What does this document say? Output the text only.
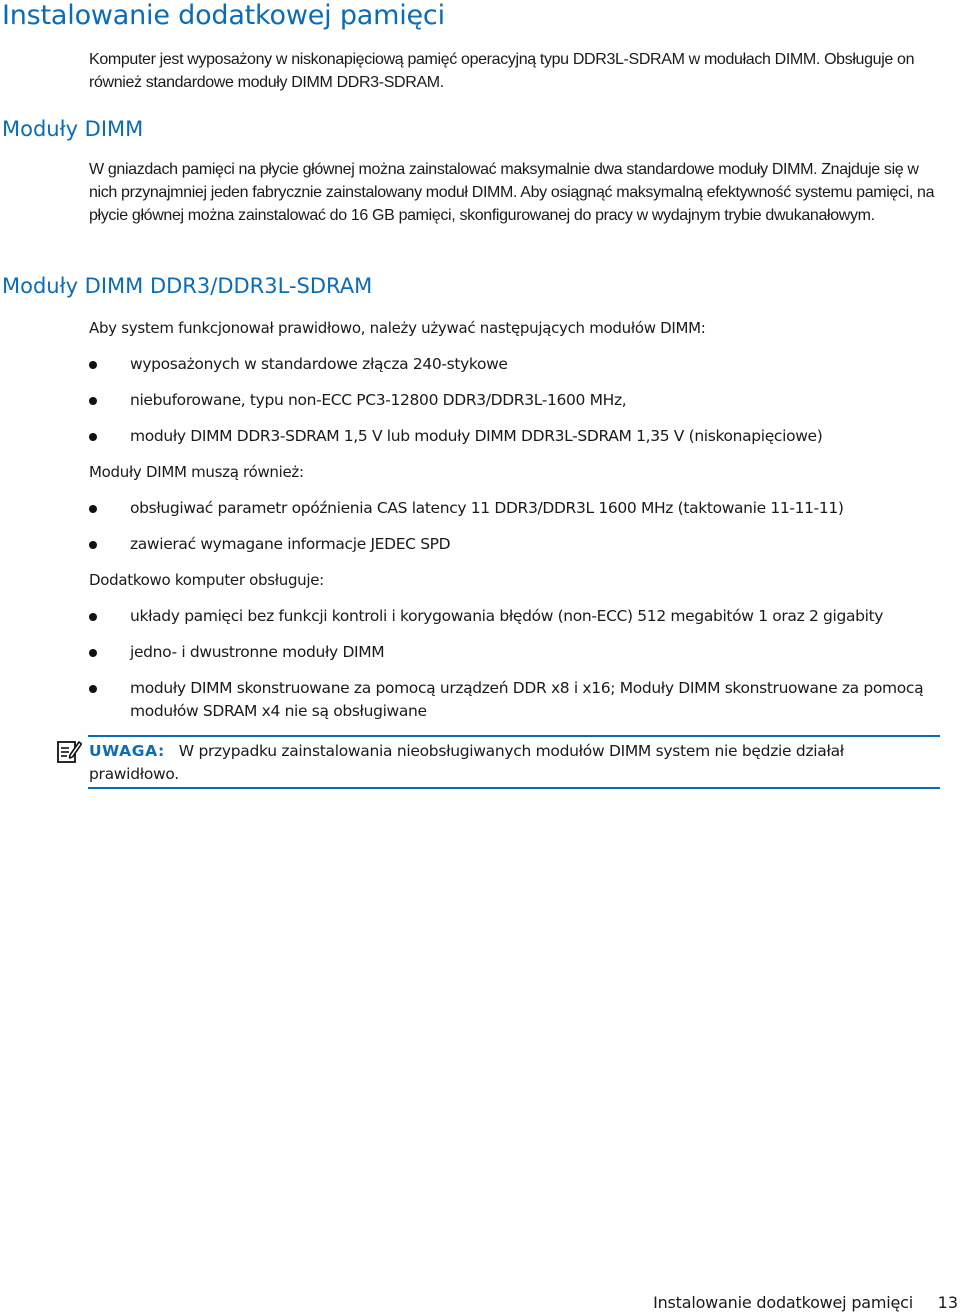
Instalowanie dodatkowej pamięci

Komputer jest wyposażony w niskonapięciową pamięć operacyjną typu DDR3L-SDRAM w modułach DIMM. Obsługuje on również standardowe moduły DIMM DDR3-SDRAM.

Moduły DIMM

W gniazdach pamięci na płycie głównej można zainstalować maksymalnie dwa standardowe moduły DIMM. Znajduje się w nich przynajmniej jeden fabrycznie zainstalowany moduł DIMM. Aby osiągnąć maksymalną efektywność systemu pamięci, na płycie głównej można zainstalować do 16 GB pamięci, skonfigurowanej do pracy w wydajnym trybie dwukanałowym.

Moduły DIMM DDR3/DDR3L-SDRAM

Aby system funkcjonował prawidłowo, należy używać następujących modułów DIMM:

wyposażonych w standardowe złącza 240-stykowe
niebuforowane, typu non-ECC PC3-12800 DDR3/DDR3L-1600 MHz,
moduły DIMM DDR3-SDRAM 1,5 V lub moduły DIMM DDR3L-SDRAM 1,35 V (niskonapięciowe)

Moduły DIMM muszą również:

obsługiwać parametr opóźnienia CAS latency 11 DDR3/DDR3L 1600 MHz (taktowanie 11-11-11)
zawierać wymagane informacje JEDEC SPD

Dodatkowo komputer obsługuje:

układy pamięci bez funkcji kontroli i korygowania błędów (non-ECC) 512 megabitów 1 oraz 2 gigabity
jedno- i dwustronne moduły DIMM
moduły DIMM skonstruowane za pomocą urządzeń DDR x8 i x16; Moduły DIMM skonstruowane za pomocą modułów SDRAM x4 nie są obsługiwane

UWAGA: W przypadku zainstalowania nieobsługiwanych modułów DIMM system nie będzie działał prawidłowo.

Instalowanie dodatkowej pamięci 13
